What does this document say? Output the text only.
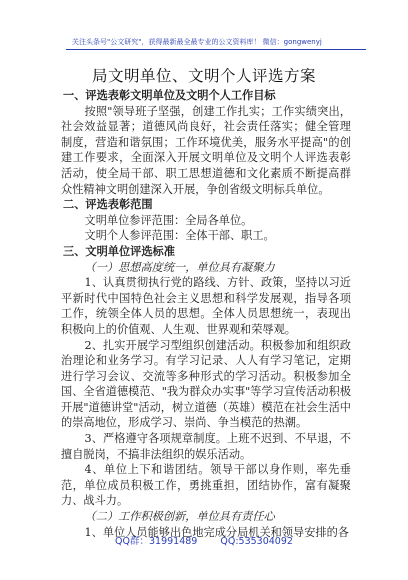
关注头条号"公文研究"，获得最新最全最专业的公文资料库！ 微信：gongwenyj
局文明单位、文明个人评选方案

一、评选表彰文明单位及文明个人工作目标

按照"领导班子坚强，创建工作扎实；工作实绩突出，社会效益显著；道德风尚良好，社会责任落实；健全管理制度，营造和谐氛围；工作环境优美，服务水平提高"的创建工作要求，全面深入开展文明单位及文明个人评选表彰活动，使全局干部、职工思想道德和文化素质不断提高群众性精神文明创建深入开展，争创省级文明标兵单位。

二、评选表彰范围

文明单位参评范围：全局各单位。

文明个人参评范围：全体干部、职工。

三、文明单位评选标准

（一）思想高度统一，单位具有凝聚力

1、认真贯彻执行党的路线、方针、政策，坚持以习近平新时代中国特色社会主义思想和科学发展观，指导各项工作，统领全体人员的思想。全体人员思想统一，表现出积极向上的价值观、人生观、世界观和荣辱观。

2、扎实开展学习型组织创建活动。积极参加和组织政治理论和业务学习。有学习记录、人人有学习笔记，定期进行学习会议、交流等多种形式的学习活动。积极参加全国、全省道德模范、"我为群众办实事"等学习宣传活动积极开展"道德讲堂"活动，树立道德（英雄）模范在社会生活中的崇高地位，形成学习、崇尚、争当模范的热潮。

3、严格遵守各项规章制度。上班不迟到、不早退，不擅自脱岗，不搞非法组织的娱乐活动。

4、单位上下和谐团结。领导干部以身作则，率先垂范，单位成员积极工作，勇挑重担，团结协作，富有凝聚力、战斗力。

（二）工作积极创新，单位具有责任心

1、单位人员能够出色地完成分局机关和领导安排的各

QQ群：31991489 QQ:535304092
